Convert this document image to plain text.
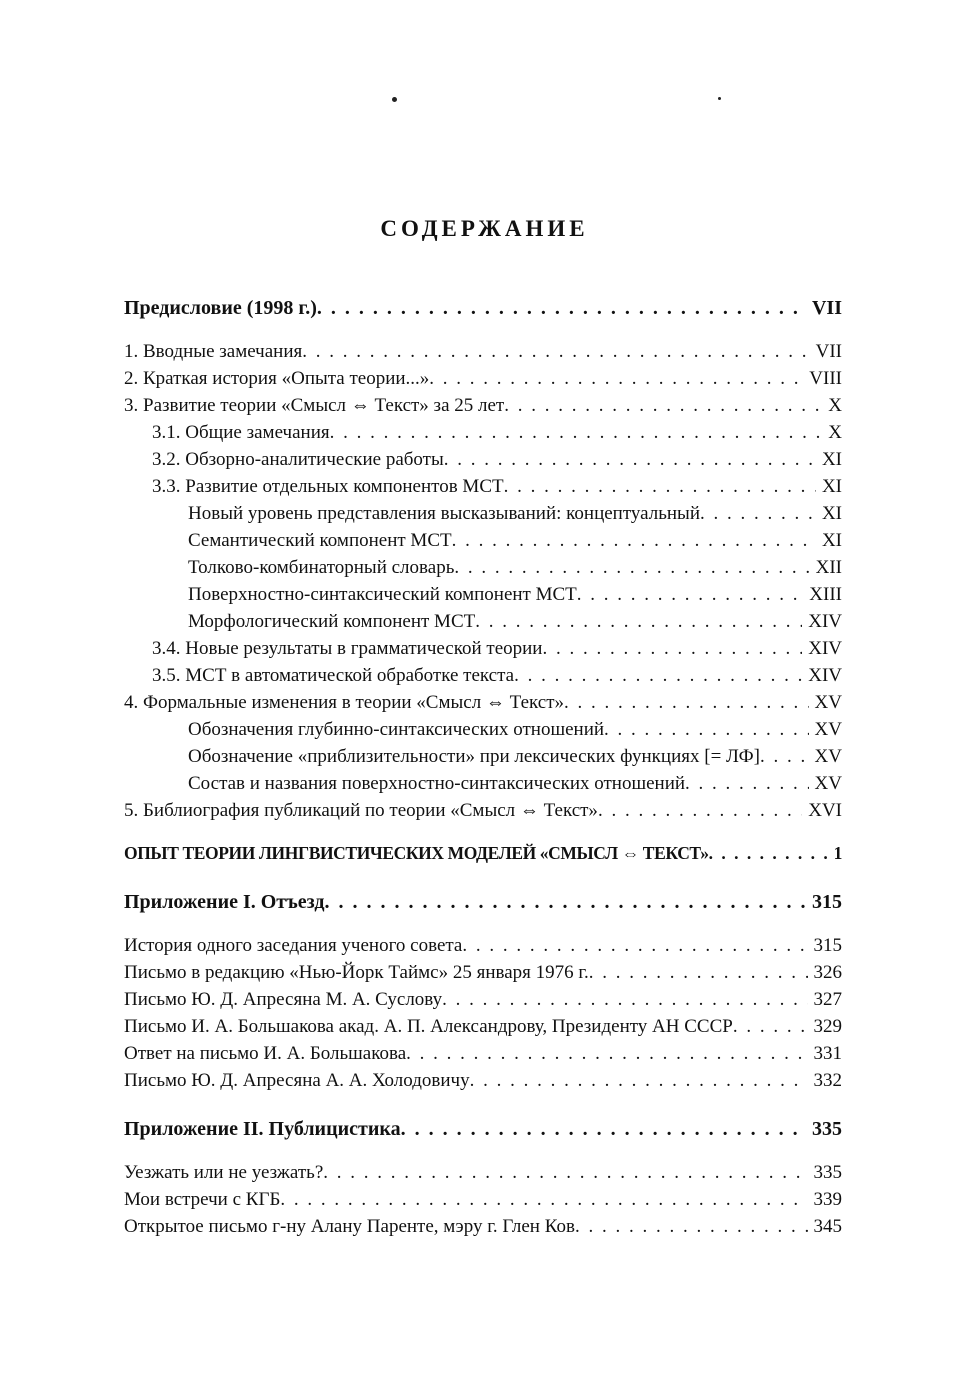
СОДЕРЖАНИЕ
Предисловие (1998 г.) . . .	VII
1. Вводные замечания . . .	VII
2. Краткая история «Опыта теории...» . . .	VIII
3. Развитие теории «Смысл ⇔ Текст» за 25 лет . . .	X
3.1. Общие замечания . . .	X
3.2. Обзорно-аналитические работы . . .	XI
3.3. Развитие отдельных компонентов МСТ . . .	XI
Новый уровень представления высказываний: концептуальный . . .	XI
Семантический компонент МСТ . . .	XI
Толково-комбинаторный словарь . . .	XII
Поверхностно-синтаксический компонент МСТ . . .	XIII
Морфологический компонент МСТ . . .	XIV
3.4. Новые результаты в грамматической теории . . .	XIV
3.5. МСТ в автоматической обработке текста . . .	XIV
4. Формальные изменения в теории «Смысл ⇔ Текст» . . .	XV
Обозначения глубинно-синтаксических отношений . . .	XV
Обозначение «приблизительности» при лексических функциях [= ЛФ] . . .	XV
Состав и названия поверхностно-синтаксических отношений . . .	XV
5. Библиография публикаций по теории «Смысл ⇔ Текст» . . .	XVI
ОПЫТ ТЕОРИИ ЛИНГВИСТИЧЕСКИХ МОДЕЛЕЙ «СМЫСЛ ⇔ ТЕКСТ» . . .	1
Приложение I. Отъезд . . .	315
История одного заседания ученого совета . . .	315
Письмо в редакцию «Нью-Йорк Таймс» 25 января 1976 г. . . .	326
Письмо Ю. Д. Апресяна М. А. Суслову . . .	327
Письмо И. А. Большакова акад. А. П. Александрову, Президенту АН СССР . . .	329
Ответ на письмо И. А. Большакова . . .	331
Письмо Ю. Д. Апресяна А. А. Холодовичу . . .	332
Приложение II. Публицистика . . .	335
Уезжать или не уезжать? . . .	335
Мои встречи с КГБ . . .	339
Открытое письмо г-ну Алану Паренте, мэру г. Глен Ков . . .	345
